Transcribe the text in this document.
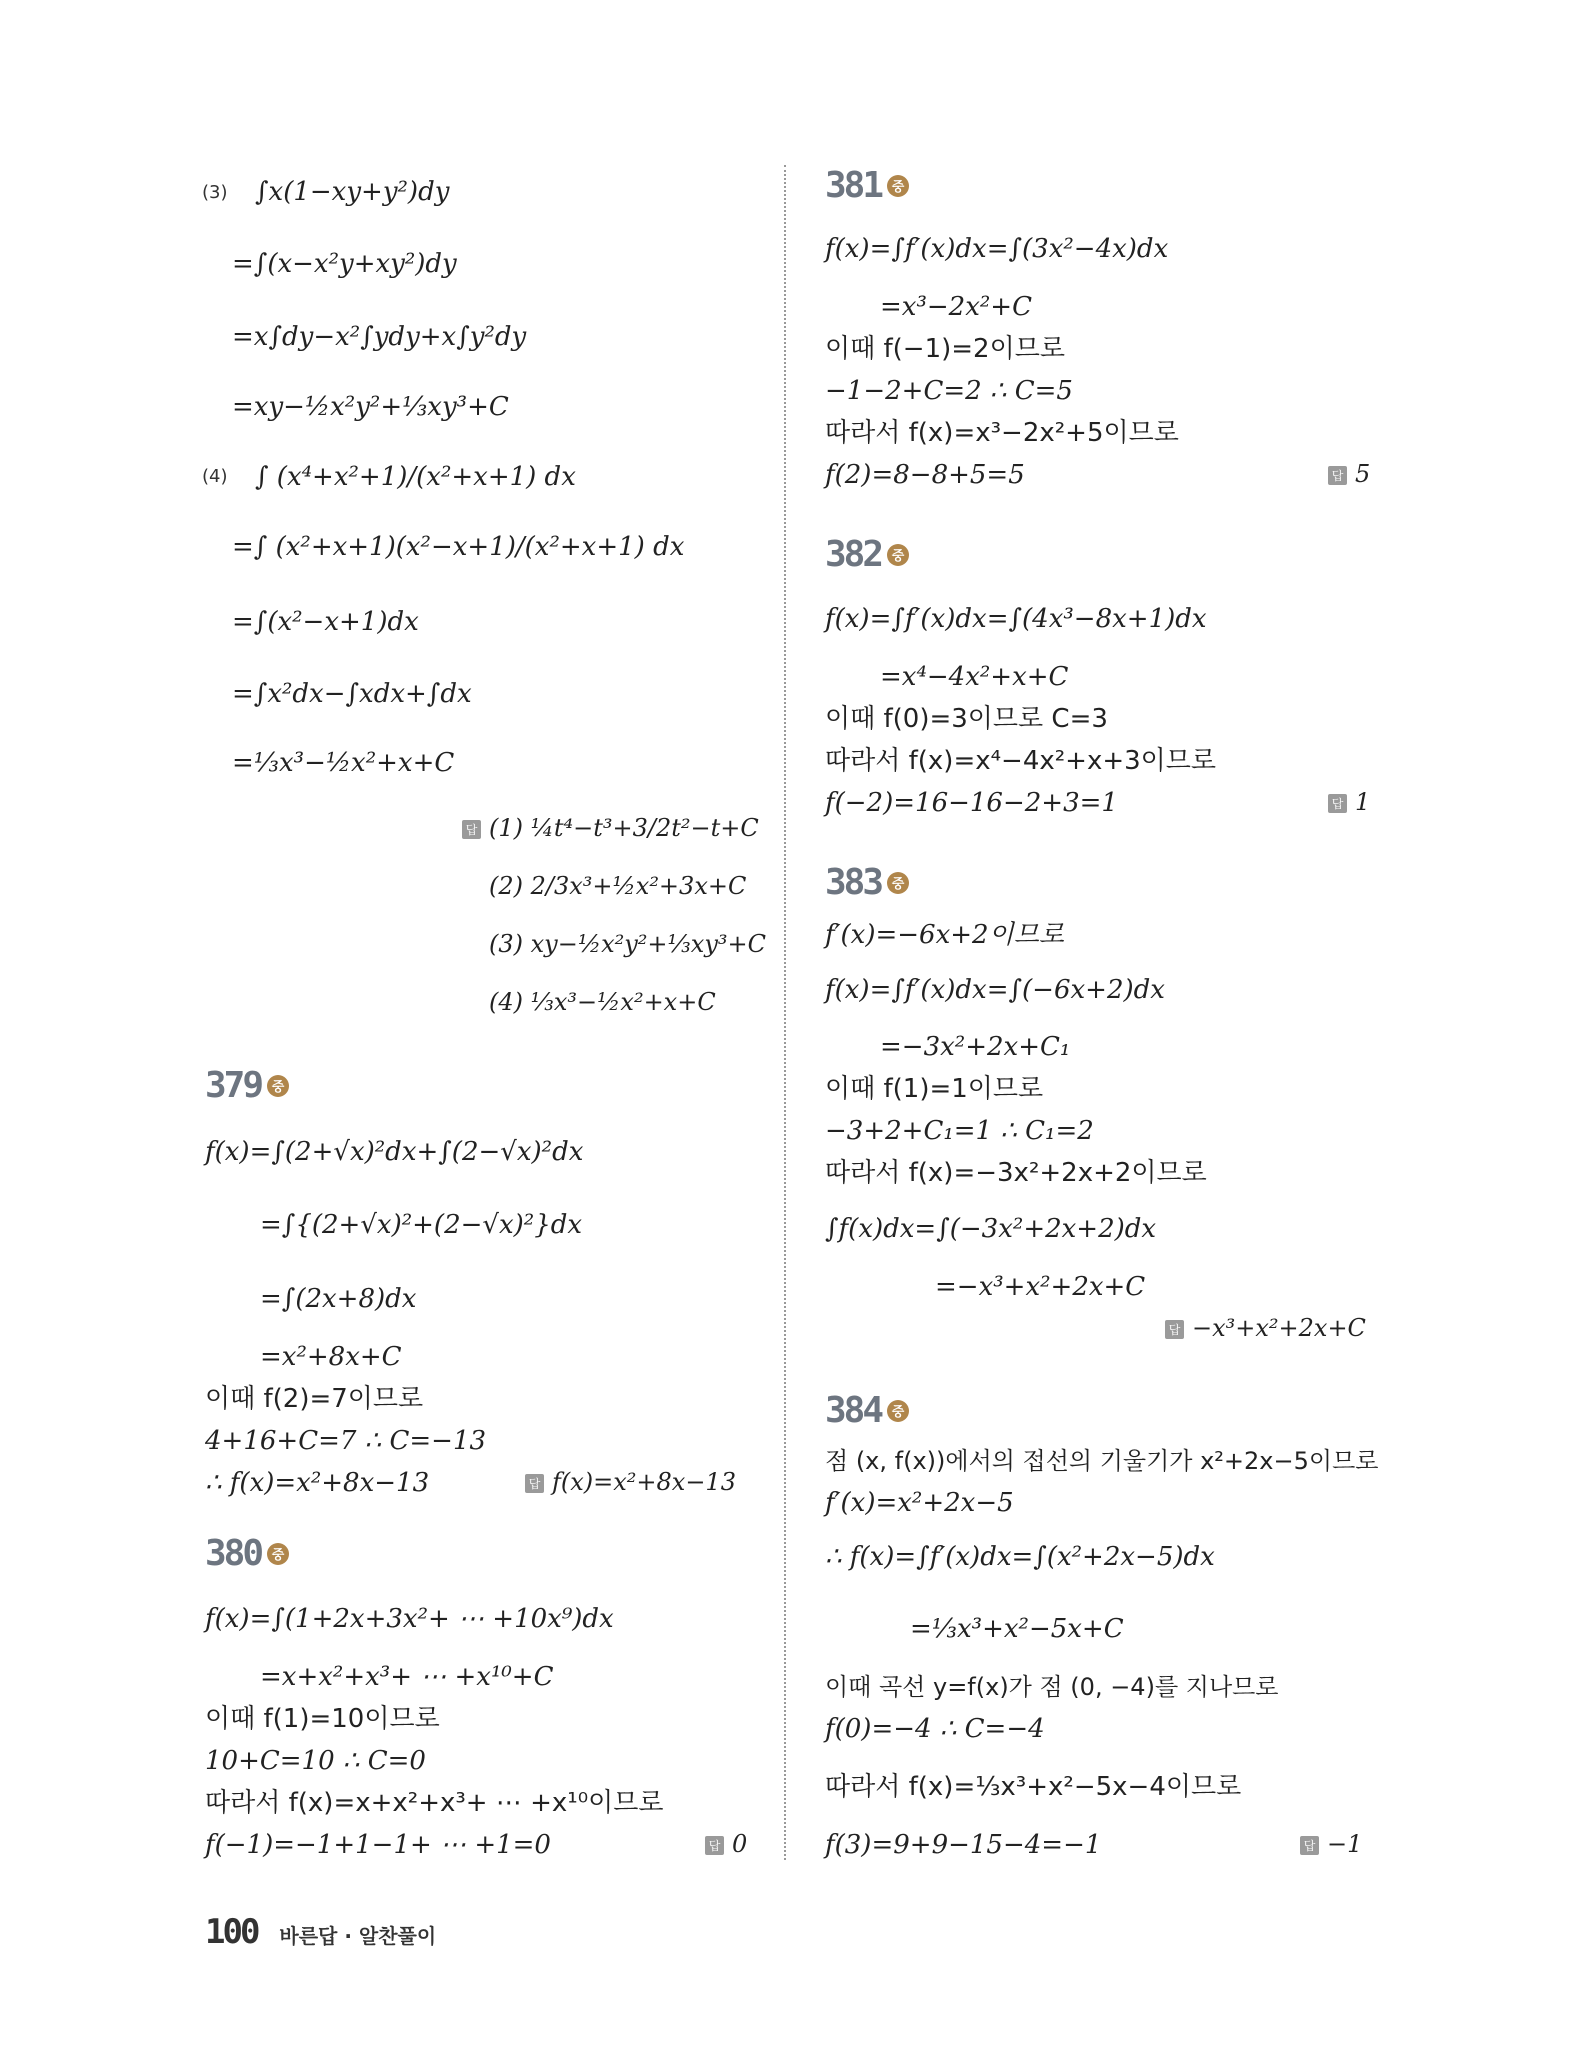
(3) ∫x(1−xy+y²)dy
=∫(x−x²y+xy²)dy
=x∫dy−x²∫ydy+x∫y²dy
=xy−½x²y²+⅓xy³+C
(4) ∫ (x⁴+x²+1)/(x²+x+1) dx
=∫ (x²+x+1)(x²−x+1)/(x²+x+1) dx
=∫(x²−x+1)dx
=∫x²dx−∫xdx+∫dx
=⅓x³−½x²+x+C
답 (1) ¼t⁴−t³+3/2t²−t+C
(2) 2/3x³+½x²+3x+C
(3) xy−½x²y²+⅓xy³+C
(4) ⅓x³−½x²+x+C
379 중
f(x)=∫(2+√x)²dx+∫(2−√x)²dx
=∫{(2+√x)²+(2−√x)²}dx
=∫(2x+8)dx
=x²+8x+C
이때 f(2)=7이므로
4+16+C=7 ∴ C=−13
∴ f(x)=x²+8x−13	답 f(x)=x²+8x−13
380 중
f(x)=∫(1+2x+3x²+ ⋯ +10x⁹)dx
=x+x²+x³+ ⋯ +x¹⁰+C
이때 f(1)=10이므로
10+C=10 ∴ C=0
따라서 f(x)=x+x²+x³+ ⋯ +x¹⁰이므로
f(−1)=−1+1−1+ ⋯ +1=0	답 0
381 중
f(x)=∫f′(x)dx=∫(3x²−4x)dx
=x³−2x²+C
이때 f(−1)=2이므로
−1−2+C=2 ∴ C=5
따라서 f(x)=x³−2x²+5이므로
f(2)=8−8+5=5	답 5
382 중
f(x)=∫f′(x)dx=∫(4x³−8x+1)dx
=x⁴−4x²+x+C
이때 f(0)=3이므로 C=3
따라서 f(x)=x⁴−4x²+x+3이므로
f(−2)=16−16−2+3=1	답 1
383 중
f′(x)=−6x+2이므로
f(x)=∫f′(x)dx=∫(−6x+2)dx
=−3x²+2x+C₁
이때 f(1)=1이므로
−3+2+C₁=1 ∴ C₁=2
따라서 f(x)=−3x²+2x+2이므로
∫f(x)dx=∫(−3x²+2x+2)dx
=−x³+x²+2x+C
답 −x³+x²+2x+C
384 중
점 (x, f(x))에서의 접선의 기울기가 x²+2x−5이므로
f′(x)=x²+2x−5
∴ f(x)=∫f′(x)dx=∫(x²+2x−5)dx
=⅓x³+x²−5x+C
이때 곡선 y=f(x)가 점 (0, −4)를 지나므로
f(0)=−4 ∴ C=−4
따라서 f(x)=⅓x³+x²−5x−4이므로
f(3)=9+9−15−4=−1	답 −1
100 바른답 · 알찬풀이
